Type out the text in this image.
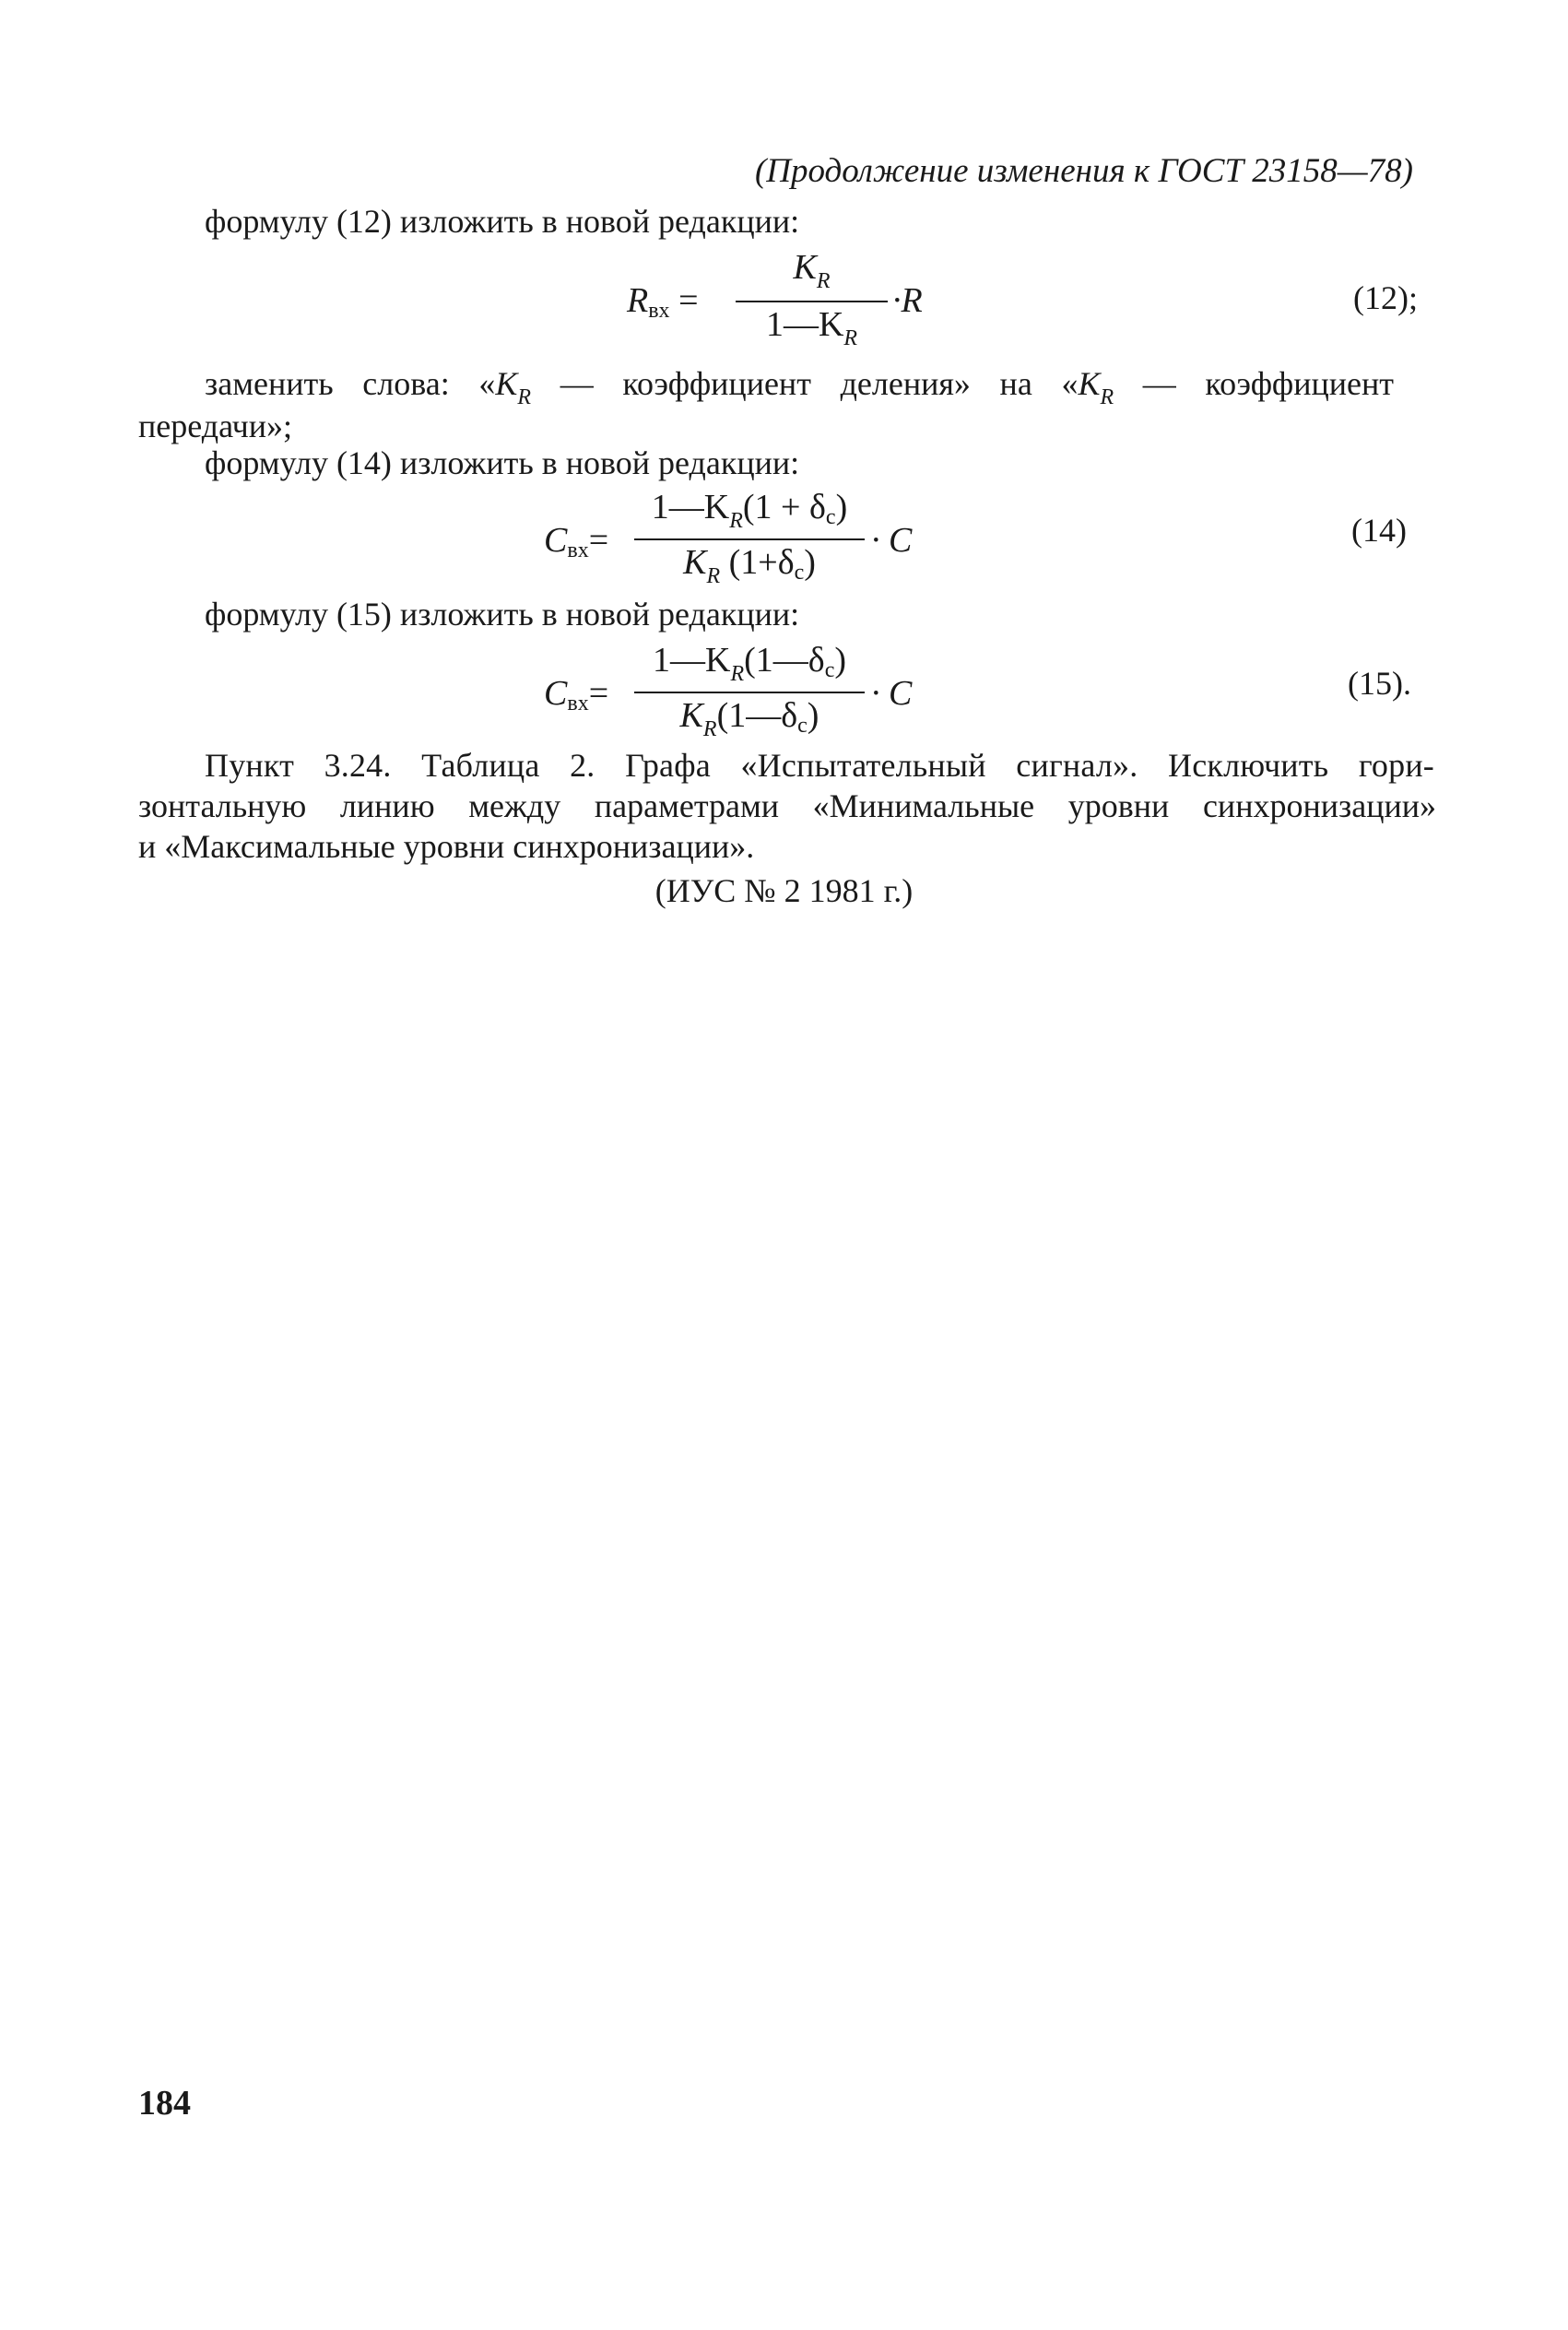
(Продолжение изменения к ГОСТ 23158—78)
формулу (12) изложить в новой редакции:
Rвх =
$K_R$
$1—K_R$
·R	(12);
заменить слова: «$K_R$ — коэффициент деления» на «$K_R$ — коэффициент
передачи»;
формулу (14) изложить в новой редакции:
Cвх=
$1—K_R(1 + \delta с)$
$K_R$ (1+δс)
· C	(14)
формулу (15) изложить в новой редакции:
Cвх=
$1—K_R(1—\delta с)$
$K_R(1—\delta с)$
· C	(15).
Пункт 3.24. Таблица 2. Графа «Испытательный сигнал». Исключить гори-
зонтальную линию между параметрами «Минимальные уровни синхронизации»
и «Максимальные уровни синхронизации».
(ИУС № 2 1981 г.)
184
